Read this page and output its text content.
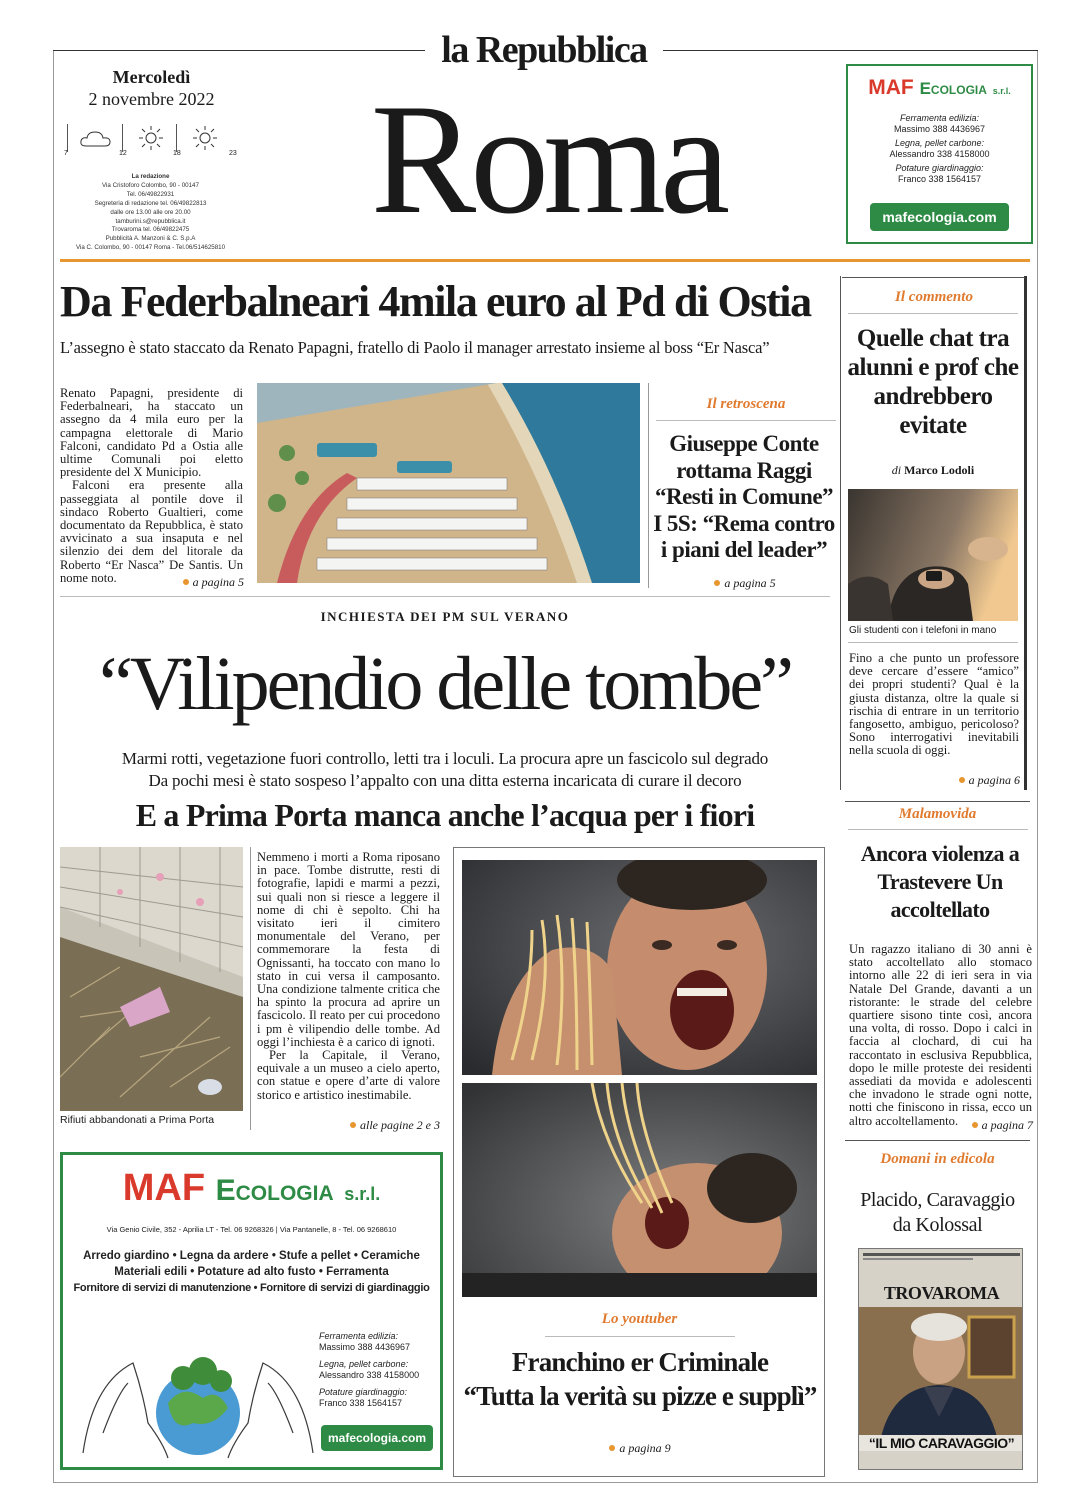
la Repubblica
Mercoledì
2 novembre 2022
7	12	18	23
La redazione
Via Cristoforo Colombo, 90 - 00147
Tel. 06/49822931
Segreteria di redazione tel. 06/49822813
dalle ore 13.00 alle ore 20.00
tamburini.s@repubblica.it
Trovaroma tel. 06/49822475
Pubblicità A. Manzoni & C. S.p.A
Via C. Colombo, 90 - 00147 Roma - Tel.06/514625810
Roma	MAF Ecologia s.r.l.
Ferramenta edilizia:
Massimo 388 4436967
Legna, pellet carbone:
Alessandro 338 4158000
Potature giardinaggio:
Franco 338 1564157
mafecologia.com
Da Federbalneari 4mila euro al Pd di Ostia
L’assegno è stato staccato da Renato Papagni, fratello di Paolo il manager arrestato insieme al boss “Er Nasca”

Renato Papagni, presidente di Federbalneari, ha staccato un assegno da 4 mila euro per la campagna elettorale di Mario Falconi, candidato Pd a Ostia alle ultime Comunali poi eletto presidente del X Municipio.

Falconi era presente alla passeggiata al pontile dove il sindaco Roberto Gualtieri, come documentato da Repubblica, è stato avvicinato a sua insaputa e nel silenzio dei dem del litorale da Roberto “Er Nasca” De Santis. Un nome noto.	a pagina 5
Il retroscena
Giuseppe Conte rottama Raggi “Resti in Comune” I 5S: “Rema contro i piani del leader”
a pagina 5
Il commento
Quelle chat tra alunni e prof che andrebbero evitate
di Marco Lodoli
Gli studenti con i telefoni in mano
Fino a che punto un professore deve cercare d’essere “amico” dei propri studenti? Qual è la giusta distanza, oltre la quale si rischia di entrare in un territorio fangosetto, ambiguo, pericoloso? Sono interrogativi inevitabili nella scuola di oggi.
a pagina 6
INCHIESTA DEI PM SUL VERANO
“Vilipendio delle tombe”
Marmi rotti, vegetazione fuori controllo, letti tra i loculi. La procura apre un fascicolo sul degrado
Da pochi mesi è stato sospeso l’appalto con una ditta esterna incaricata di curare il decoro
E a Prima Porta manca anche l’acqua per i fiori
Rifiuti abbandonati a Prima Porta

Nemmeno i morti a Roma riposano in pace. Tombe distrutte, resti di fotografie, lapidi e marmi a pezzi, sui quali non si riesce a leggere il nome di chi è sepolto. Chi ha visitato ieri il cimitero monumentale del Verano, per commemorare la festa di Ognissanti, ha toccato con mano lo stato in cui versa il camposanto. Una condizione talmente critica che ha spinto la procura ad aprire un fascicolo. Il reato per cui procedono i pm è vilipendio delle tombe. Ad oggi l’inchiesta è a carico di ignoti.

Per la Capitale, il Verano, equivale a un museo a cielo aperto, con statue e opere d’arte di valore storico e artistico inestimabile.

alle pagine 2 e 3
Lo youtuber
Franchino er Criminale
“Tutta la verità su pizze e supplì”
a pagina 9
Malamovida
Ancora violenza a Trastevere Un accoltellato
Un ragazzo italiano di 30 anni è stato accoltellato allo stomaco intorno alle 22 di ieri sera in via Natale Del Grande, davanti a un ristorante: le strade del celebre quartiere sisono tinte così, ancora una volta, di rosso. Dopo i calci in faccia al clochard, di cui ha raccontato in esclusiva Repubblica, dopo le mille proteste dei residenti assediati da movida e adolescenti che invadono le strade ogni notte, notti che finiscono in rissa, ecco un altro accoltellamento.	a pagina 7
Domani in edicola
Placido, Caravaggio da Kolossal
TROVAROMA
“IL MIO CARAVAGGIO”
MAF Ecologia s.r.l.
Via Genio Civile, 352 - Aprilia LT - Tel. 06 9268326 | Via Pantanelle, 8 - Tel. 06 9268610
Arredo giardino • Legna da ardere • Stufe a pellet • Ceramiche
Materiali edili • Potature ad alto fusto • Ferramenta
Fornitore di servizi di manutenzione • Fornitore di servizi di giardinaggio
Ferramenta edilizia:
Massimo 388 4436967
Legna, pellet carbone:
Alessandro 338 4158000
Potature giardinaggio:
Franco 338 1564157
mafecologia.com
